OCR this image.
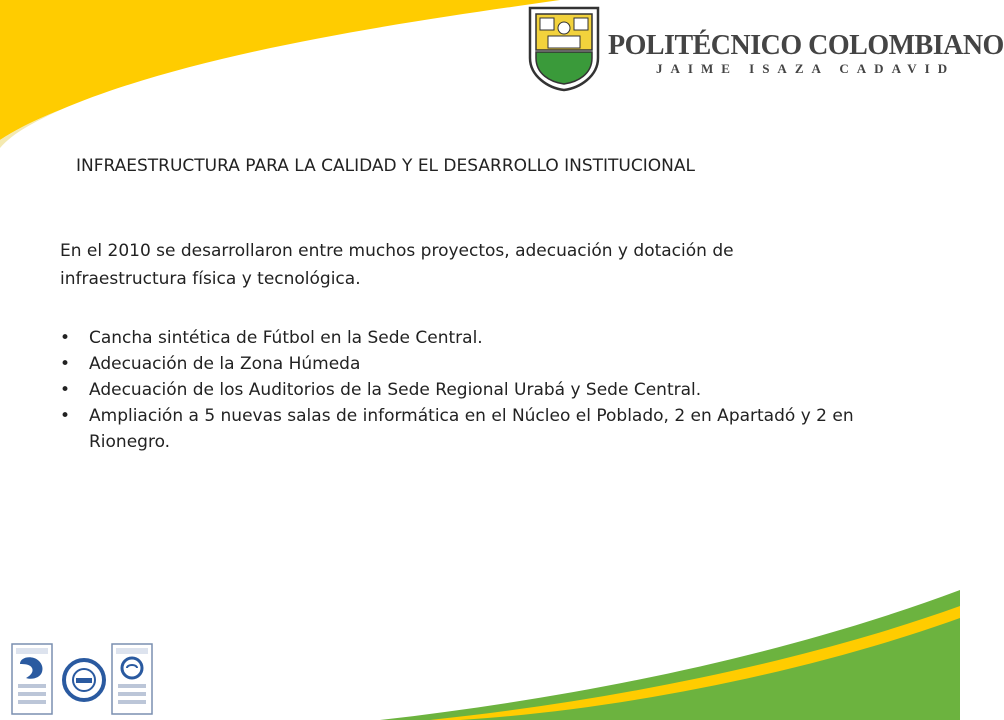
POLITÉCNICO COLOMBIANO
JAIME ISAZA CADAVID
INFRAESTRUCTURA PARA LA CALIDAD Y EL DESARROLLO INSTITUCIONAL
En el 2010 se desarrollaron entre muchos proyectos, adecuación y dotación de infraestructura física y tecnológica.
• Cancha sintética de Fútbol en la Sede Central.
• Adecuación de la Zona Húmeda
• Adecuación de los Auditorios de la Sede Regional Urabá y Sede Central.
• Ampliación a 5 nuevas salas de informática en el Núcleo el Poblado, 2 en Apartadó y 2 en Rionegro.
